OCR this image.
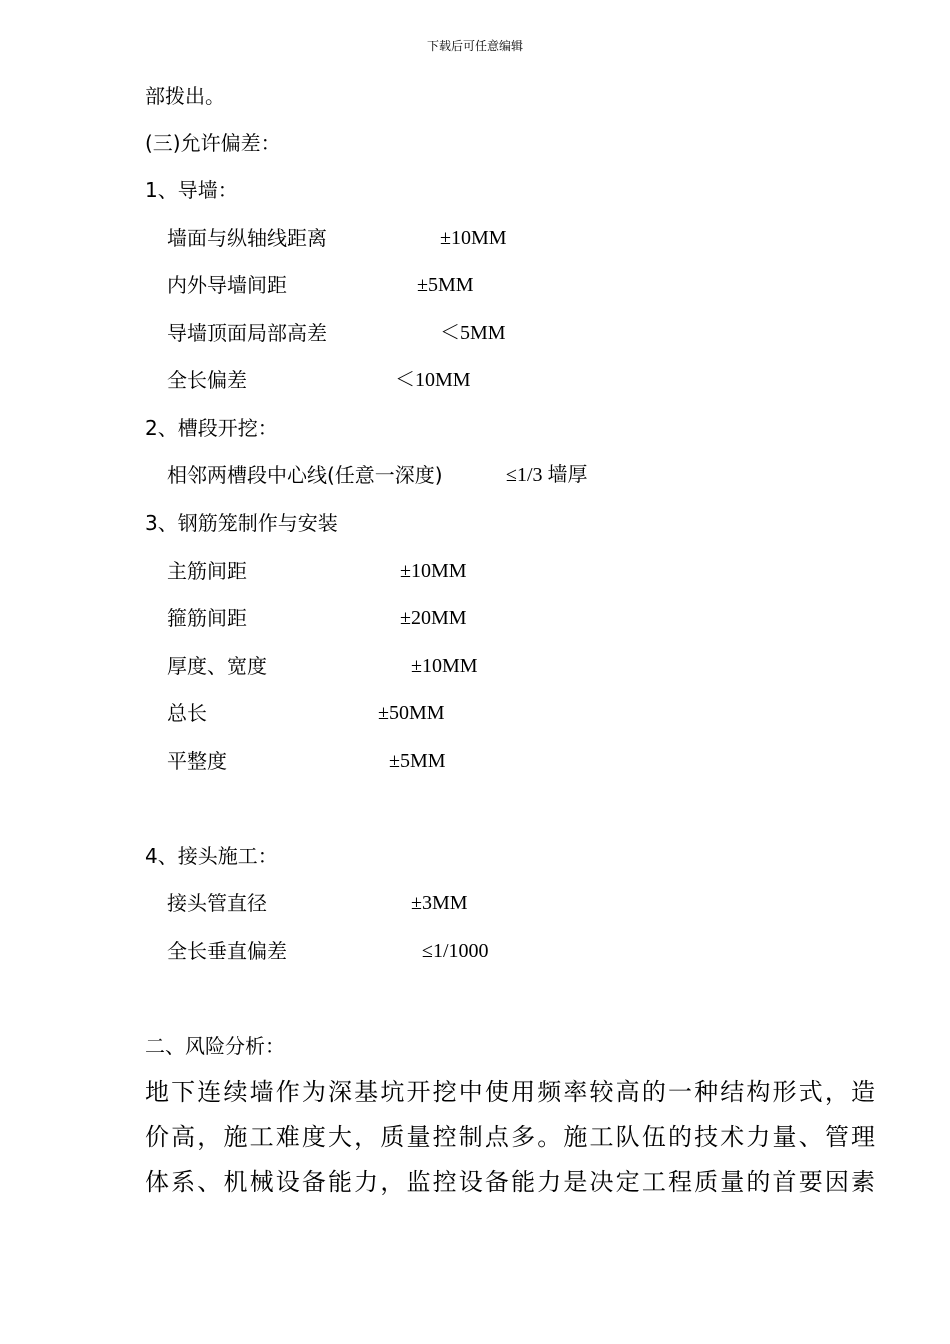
下载后可任意编辑
部拨出。
(三)允许偏差：
1、导墙：
墙面与纵轴线距离	±10MM
内外导墙间距	±5MM
导墙顶面局部高差	＜5MM
全长偏差	＜10MM
2、槽段开挖：
相邻两槽段中心线(任意一深度)	≤1/3 墙厚
3、钢筋笼制作与安装
主筋间距	±10MM
箍筋间距	±20MM
厚度、宽度	±10MM
总长	±50MM
平整度	±5MM
4、接头施工：
接头管直径	±3MM
全长垂直偏差	≤1/1000
二、风险分析：
地下连续墙作为深基坑开挖中使用频率较高的一种结构形式，造
价高，施工难度大，质量控制点多。施工队伍的技术力量、管理
体系、机械设备能力，监控设备能力是决定工程质量的首要因素
